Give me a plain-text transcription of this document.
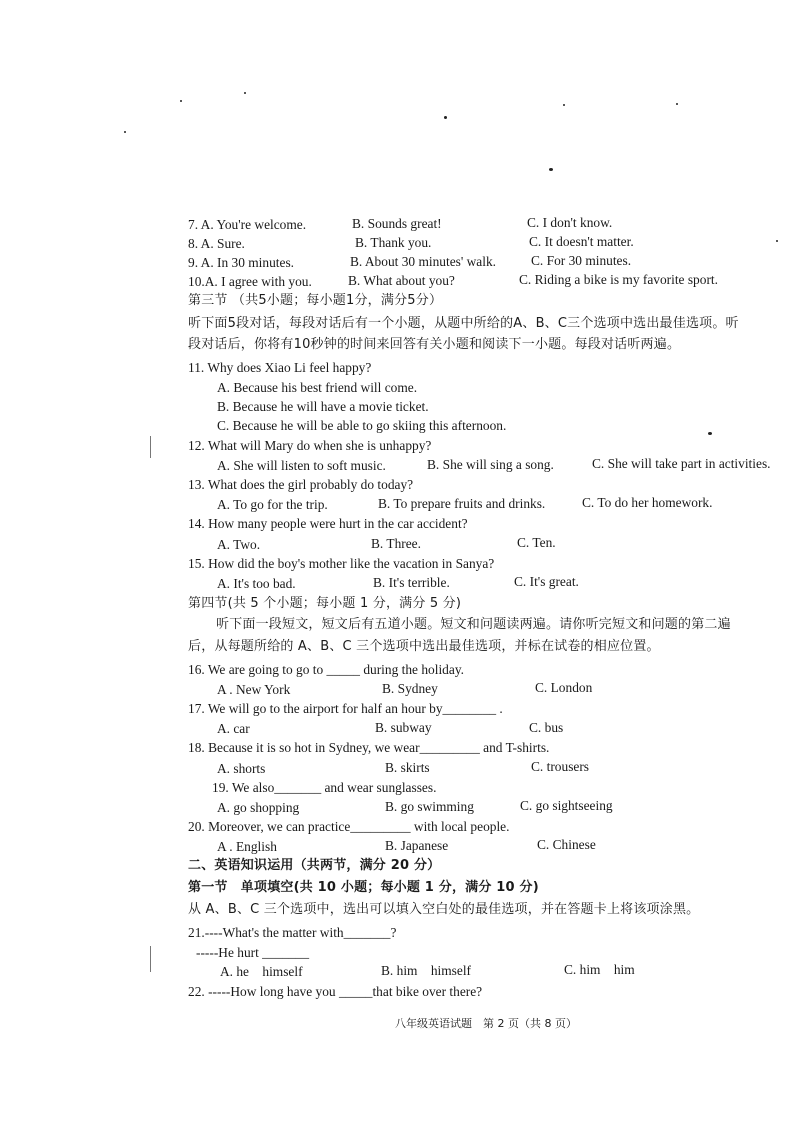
7. A. You're welcome.	B. Sounds great!	C. I don't know.
8. A. Sure.	B. Thank you.	C. It doesn't matter.
9. A. In 30 minutes.	B. About 30 minutes' walk.	C. For 30 minutes.
10.A. I agree with you.	B. What about you?	C. Riding a bike is my favorite sport.
第三节 （共5小题；每小题1分，满分5分）
听下面5段对话，每段对话后有一个小题，从题中所给的A、B、C三个选项中选出最佳选项。听
段对话后，你将有10秒钟的时间来回答有关小题和阅读下一小题。每段对话听两遍。
11. Why does Xiao Li feel happy?
A. Because his best friend will come.
B. Because he will have a movie ticket.
C. Because he will be able to go skiing this afternoon.
12. What will Mary do when she is unhappy?
A. She will listen to soft music.	B. She will sing a song.	C. She will take part in activities.
13. What does the girl probably do today?
A. To go for the trip.	B. To prepare fruits and drinks.	C. To do her homework.
14. How many people were hurt in the car accident?
A. Two.	B. Three.	C. Ten.
15. How did the boy's mother like the vacation in Sanya?
A. It's too bad.	B. It's terrible.	C. It's great.
第四节(共 5 个小题；每小题 1 分，满分 5 分)
听下面一段短文，短文后有五道小题。短文和问题读两遍。请你听完短文和问题的第二遍
后，从每题所给的 A、B、C 三个选项中选出最佳选项，并标在试卷的相应位置。
16. We are going to go to _____ during the holiday.
A . New York	B. Sydney	C. London
17. We will go to the airport for half an hour by________ .
A. car	B. subway	C. bus
18. Because it is so hot in Sydney, we wear_________ and T-shirts.
A. shorts	B. skirts	C. trousers
19. We also_______ and wear sunglasses.
A. go shopping	B. go swimming	C. go sightseeing
20. Moreover, we can practice_________ with local people.
A . English	B. Japanese	C. Chinese
二、英语知识运用（共两节，满分 20 分）
第一节　单项填空(共 10 小题；每小题 1 分，满分 10 分)
从 A、B、C 三个选项中，选出可以填入空白处的最佳选项，并在答题卡上将该项涂黑。
21.----What's the matter with_______?
-----He hurt _______
A. he　himself	B. him　himself	C. him　him
22. -----How long have you _____that bike over there?
八年级英语试题　第 2 页（共 8 页）
